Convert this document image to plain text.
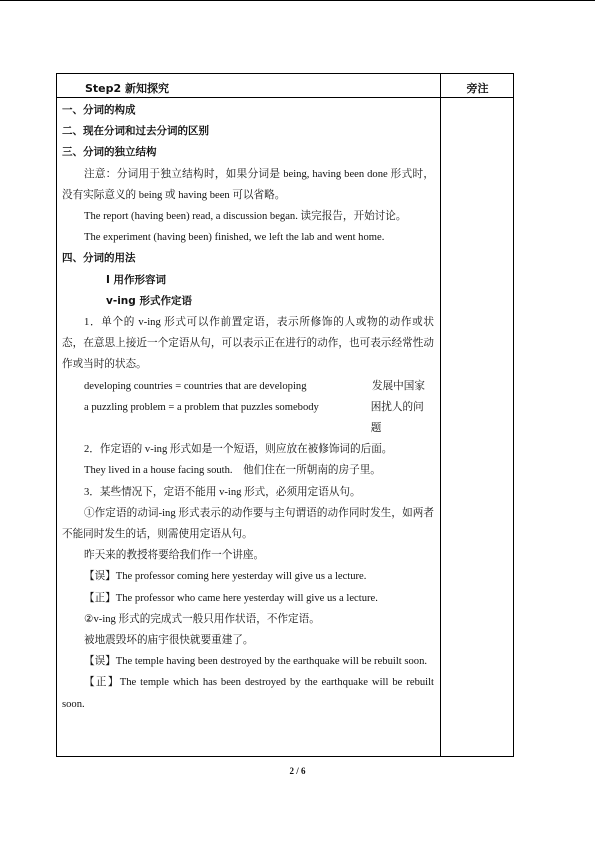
Step2 新知探究	旁注

一、分词的构成

二、现在分词和过去分词的区别

三、分词的独立结构

注意：分词用于独立结构时，如果分词是 being, having been done 形式时，没有实际意义的 being 或 having been 可以省略。

The report (having been) read, a discussion began. 读完报告，开始讨论。

The experiment (having been) finished, we left the lab and went home.

四、分词的用法

I 用作形容词

v-ing 形式作定语

1．单个的 v-ing 形式可以作前置定语，表示所修饰的人或物的动作或状态，在意思上接近一个定语从句，可以表示正在进行的动作，也可表示经常性动作或当时的状态。

developing countries = countries that are developing	发展中国家
a puzzling problem = a problem that puzzles somebody	困扰人的问题

2．作定语的 v-ing 形式如是一个短语，则应放在被修饰词的后面。

They lived in a house facing south.　他们住在一所朝南的房子里。

3．某些情况下，定语不能用 v-ing 形式，必须用定语从句。

①作定语的动词-ing 形式表示的动作要与主句谓语的动作同时发生，如两者不能同时发生的话，则需使用定语从句。

昨天来的教授将要给我们作一个讲座。

【误】The professor coming here yesterday will give us a lecture.

【正】The professor who came here yesterday will give us a lecture.

②v-ing 形式的完成式一般只用作状语，不作定语。

被地震毁坏的庙宇很快就要重建了。

【误】The temple having been destroyed by the earthquake will be rebuilt soon.

【正】The temple which has been destroyed by the earthquake will be rebuilt soon.

2 / 6
